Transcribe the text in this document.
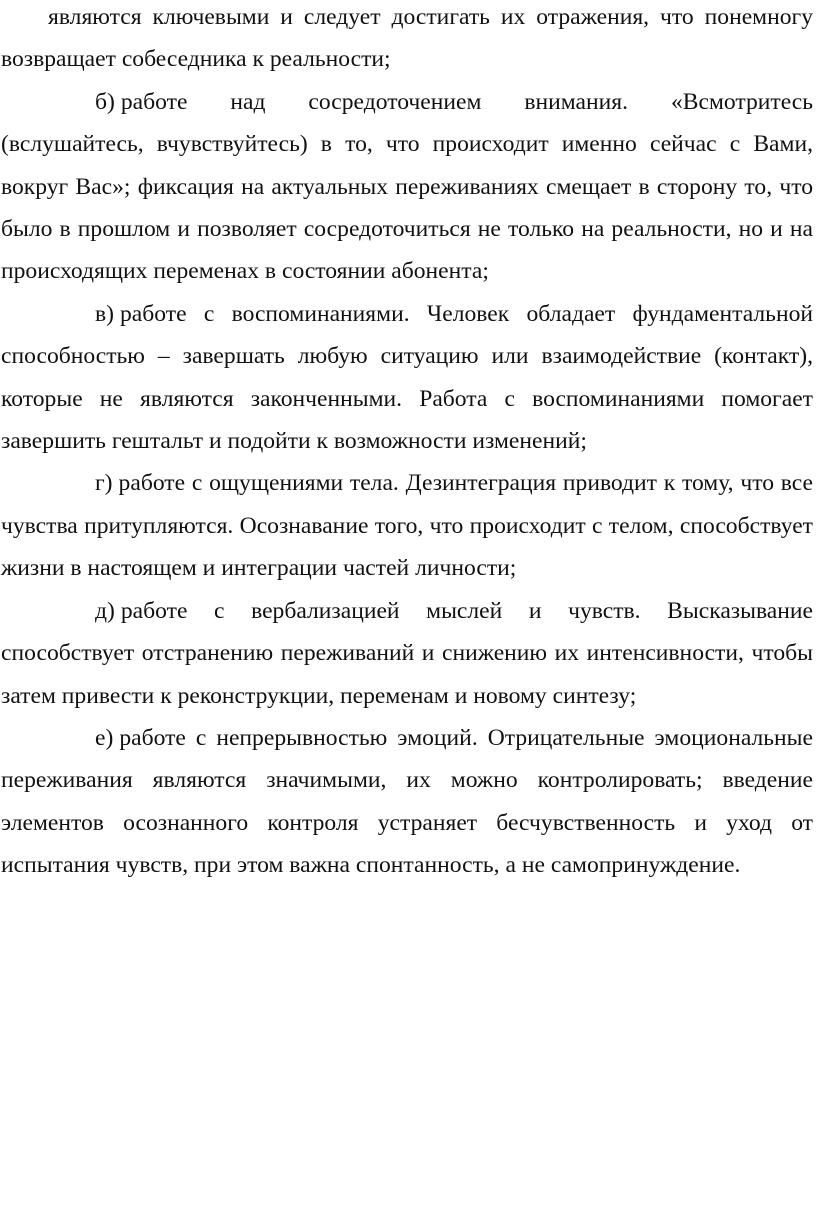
являются ключевыми и следует достигать их отражения, что понемногу возвращает собеседника к реальности;

б) работе над сосредоточением внимания. «Всмотритесь (вслушайтесь, вчувствуйтесь) в то, что происходит именно сейчас с Вами, вокруг Вас»; фиксация на актуальных переживаниях смещает в сторону то, что было в прошлом и позволяет сосредоточиться не только на реальности, но и на происходящих переменах в состоянии абонента;

в) работе с воспоминаниями. Человек обладает фундаментальной способностью – завершать любую ситуацию или взаимодействие (контакт), которые не являются законченными. Работа с воспоминаниями помогает завершить гештальт и подойти к возможности изменений;

г) работе с ощущениями тела. Дезинтеграция приводит к тому, что все чувства притупляются. Осознавание того, что происходит с телом, способствует жизни в настоящем и интеграции частей личности;

д) работе с вербализацией мыслей и чувств. Высказывание способствует отстранению переживаний и снижению их интенсивности, чтобы затем привести к реконструкции, переменам и новому синтезу;

е) работе с непрерывностью эмоций. Отрицательные эмоциональные переживания являются значимыми, их можно контролировать; введение элементов осознанного контроля устраняет бесчувственность и уход от испытания чувств, при этом важна спонтанность, а не самопринуждение.
